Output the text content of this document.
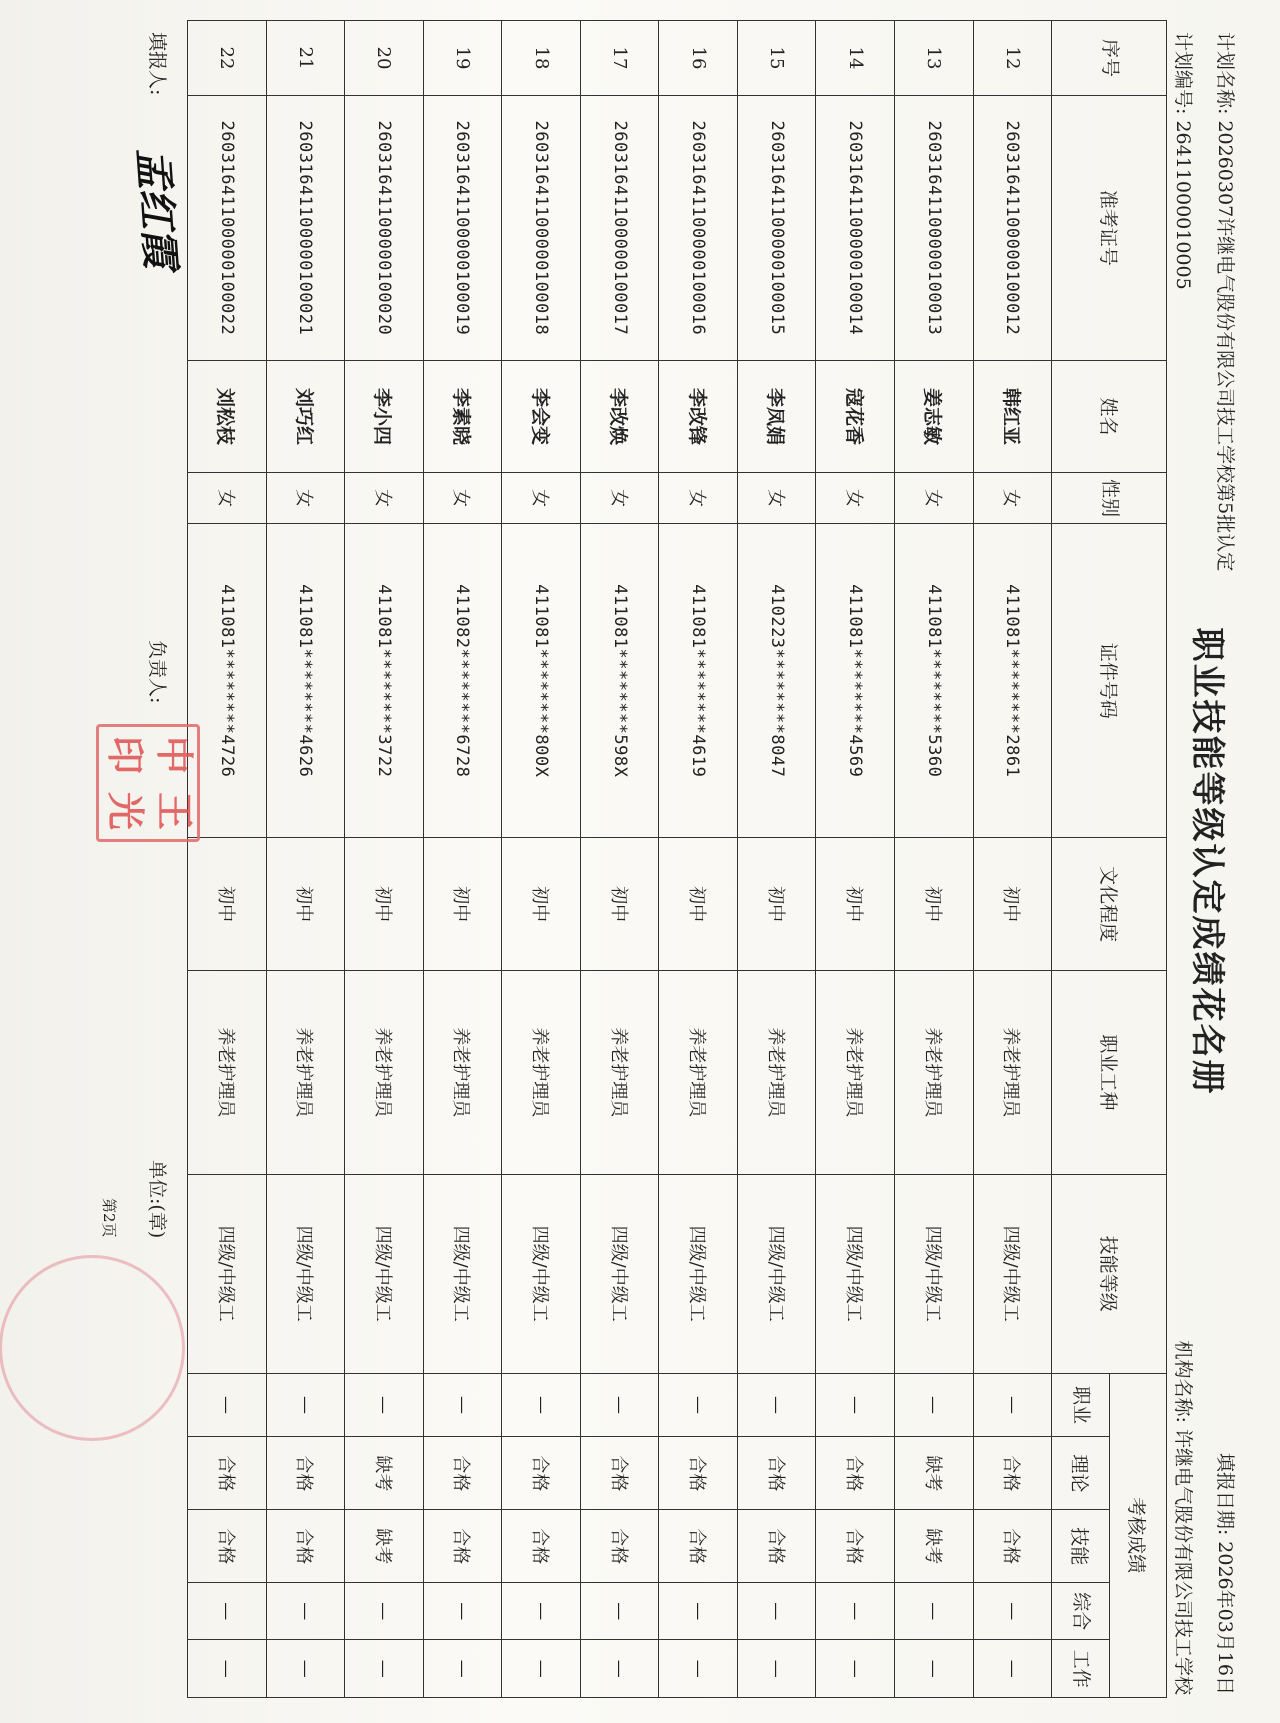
职业技能等级认定成绩花名册
计划名称: 20260307许继电气股份有限公司技工学校第5批认定
填报日期: 2026年03月16日
计划编号: 26411000010005
机构名称: 许继电气股份有限公司技工学校
序号	准考证号	姓名	性别	证件号码	文化程度	职业工种	技能等级	考核成绩				
								职业	理论	技能	综合	工作
12	26031641100000100012	韩红亚	女	411081********2861	初中	养老护理员	四级/中级工	—	合格	合格	—	—
13	26031641100000100013	姜志敏	女	411081********5360	初中	养老护理员	四级/中级工	—	缺考	缺考	—	—
14	26031641100000100014	寇花香	女	411081********4569	初中	养老护理员	四级/中级工	—	合格	合格	—	—
15	26031641100000100015	李凤娟	女	410223********8047	初中	养老护理员	四级/中级工	—	合格	合格	—	—
16	26031641100000100016	李改锋	女	411081********4619	初中	养老护理员	四级/中级工	—	合格	合格	—	—
17	26031641100000100017	李改焕	女	411081********598X	初中	养老护理员	四级/中级工	—	合格	合格	—	—
18	26031641100000100018	李会变	女	411081********800X	初中	养老护理员	四级/中级工	—	合格	合格	—	—
19	26031641100000100019	李素晓	女	411082********6728	初中	养老护理员	四级/中级工	—	合格	合格	—	—
20	26031641100000100020	李小四	女	411081********3722	初中	养老护理员	四级/中级工	—	缺考	缺考	—	—
21	26031641100000100021	刘巧红	女	411081********4626	初中	养老护理员	四级/中级工	—	合格	合格	—	—
22	26031641100000100022	刘松枝	女	411081********4726	初中	养老护理员	四级/中级工	—	合格	合格	—	—
填报人:
孟红霞
负责人:
中
王
印
光
单位:(章)
第2页
